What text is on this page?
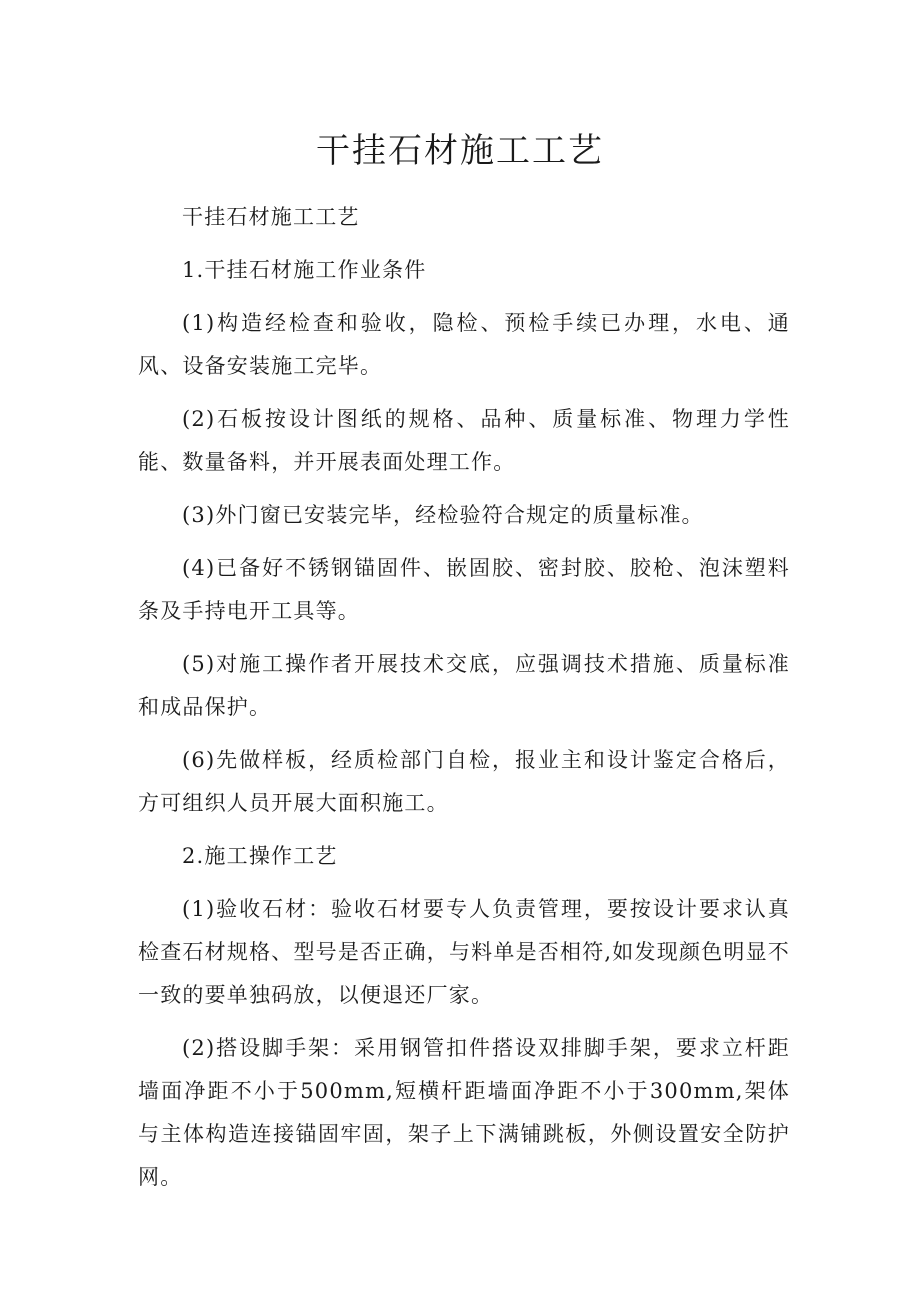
干挂石材施工工艺

干挂石材施工工艺

1.干挂石材施工作业条件

(1)构造经检查和验收，隐检、预检手续已办理，水电、通风、设备安装施工完毕。

(2)石板按设计图纸的规格、品种、质量标准、物理力学性能、数量备料，并开展表面处理工作。

(3)外门窗已安装完毕，经检验符合规定的质量标准。

(4)已备好不锈钢锚固件、嵌固胶、密封胶、胶枪、泡沫塑料条及手持电开工具等。

(5)对施工操作者开展技术交底，应强调技术措施、质量标准和成品保护。

(6)先做样板，经质检部门自检，报业主和设计鉴定合格后，方可组织人员开展大面积施工。

2.施工操作工艺

(1)验收石材：验收石材要专人负责管理，要按设计要求认真检查石材规格、型号是否正确，与料单是否相符,如发现颜色明显不一致的要单独码放，以便退还厂家。

(2)搭设脚手架：采用钢管扣件搭设双排脚手架，要求立杆距墙面净距不小于500mm,短横杆距墙面净距不小于300mm,架体与主体构造连接锚固牢固，架子上下满铺跳板，外侧设置安全防护网。
